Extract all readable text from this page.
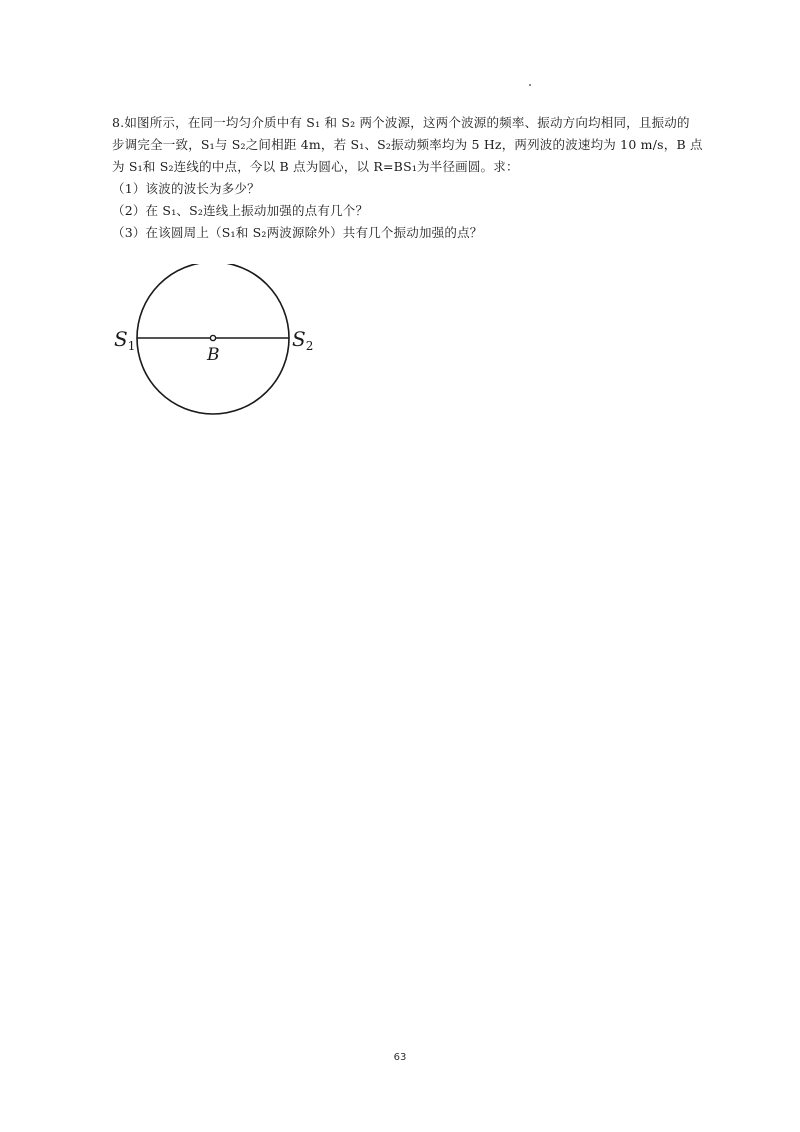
8.如图所示，在同一均匀介质中有 S₁ 和 S₂ 两个波源，这两个波源的频率、振动方向均相同，且振动的
步调完全一致，S₁与 S₂之间相距 4m，若 S₁、S₂振动频率均为 5 Hz，两列波的波速均为 10 m/s，B 点
为 S₁和 S₂连线的中点，今以 B 点为圆心，以 R=BS₁为半径画圆。求：
（1）该波的波长为多少？
（2）在 S₁、S₂连线上振动加强的点有几个？
（3）在该圆周上（S₁和 S₂两波源除外）共有几个振动加强的点？
$S_1$	$S_2$
B
63
